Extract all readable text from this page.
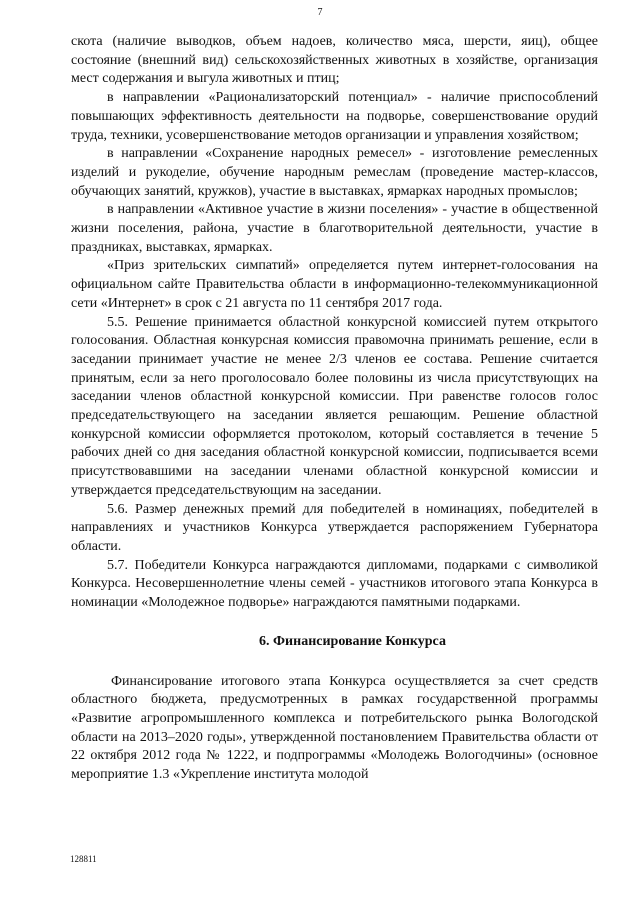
7

скота (наличие выводков, объем надоев, количество мяса, шерсти, яиц), общее состояние (внешний вид) сельскохозяйственных животных в хозяйстве, организация мест содержания и выгула животных и птиц;

в направлении «Рационализаторский потенциал» - наличие приспособлений повышающих эффективность деятельности на подворье, совершенствование орудий труда, техники, усовершенствование методов организации и управления хозяйством;

в направлении «Сохранение народных ремесел» - изготовление ремесленных изделий и рукоделие, обучение народным ремеслам (проведение мастер-классов, обучающих занятий, кружков), участие в выставках, ярмарках народных промыслов;

в направлении «Активное участие в жизни поселения» - участие в общественной жизни поселения, района, участие в благотворительной деятельности, участие в праздниках, выставках, ярмарках.

«Приз зрительских симпатий» определяется путем интернет-голосования на официальном сайте Правительства области в информационно-телекоммуникационной сети «Интернет» в срок с 21 августа по 11 сентября 2017 года.

5.5. Решение принимается областной конкурсной комиссией путем открытого голосования. Областная конкурсная комиссия правомочна принимать решение, если в заседании принимает участие не менее 2/3 членов ее состава. Решение считается принятым, если за него проголосовало более половины из числа присутствующих на заседании членов областной конкурсной комиссии. При равенстве голосов голос председательствующего на заседании является решающим. Решение областной конкурсной комиссии оформляется протоколом, который составляется в течение 5 рабочих дней со дня заседания областной конкурсной комиссии, подписывается всеми присутствовавшими на заседании членами областной конкурсной комиссии и утверждается председательствующим на заседании.

5.6. Размер денежных премий для победителей в номинациях, победителей в направлениях и участников Конкурса утверждается распоряжением Губернатора области.

5.7. Победители Конкурса награждаются дипломами, подарками с символикой Конкурса. Несовершеннолетние члены семей - участников итогового этапа Конкурса в номинации «Молодежное подворье» награждаются памятными подарками.

6. Финансирование Конкурса

Финансирование итогового этапа Конкурса осуществляется за счет средств областного бюджета, предусмотренных в рамках государственной программы «Развитие агропромышленного комплекса и потребительского рынка Вологодской области на 2013–2020 годы», утвержденной постановлением Правительства области от 22 октября 2012 года № 1222, и подпрограммы «Молодежь Вологодчины» (основное мероприятие 1.3 «Укрепление института молодой

128811
